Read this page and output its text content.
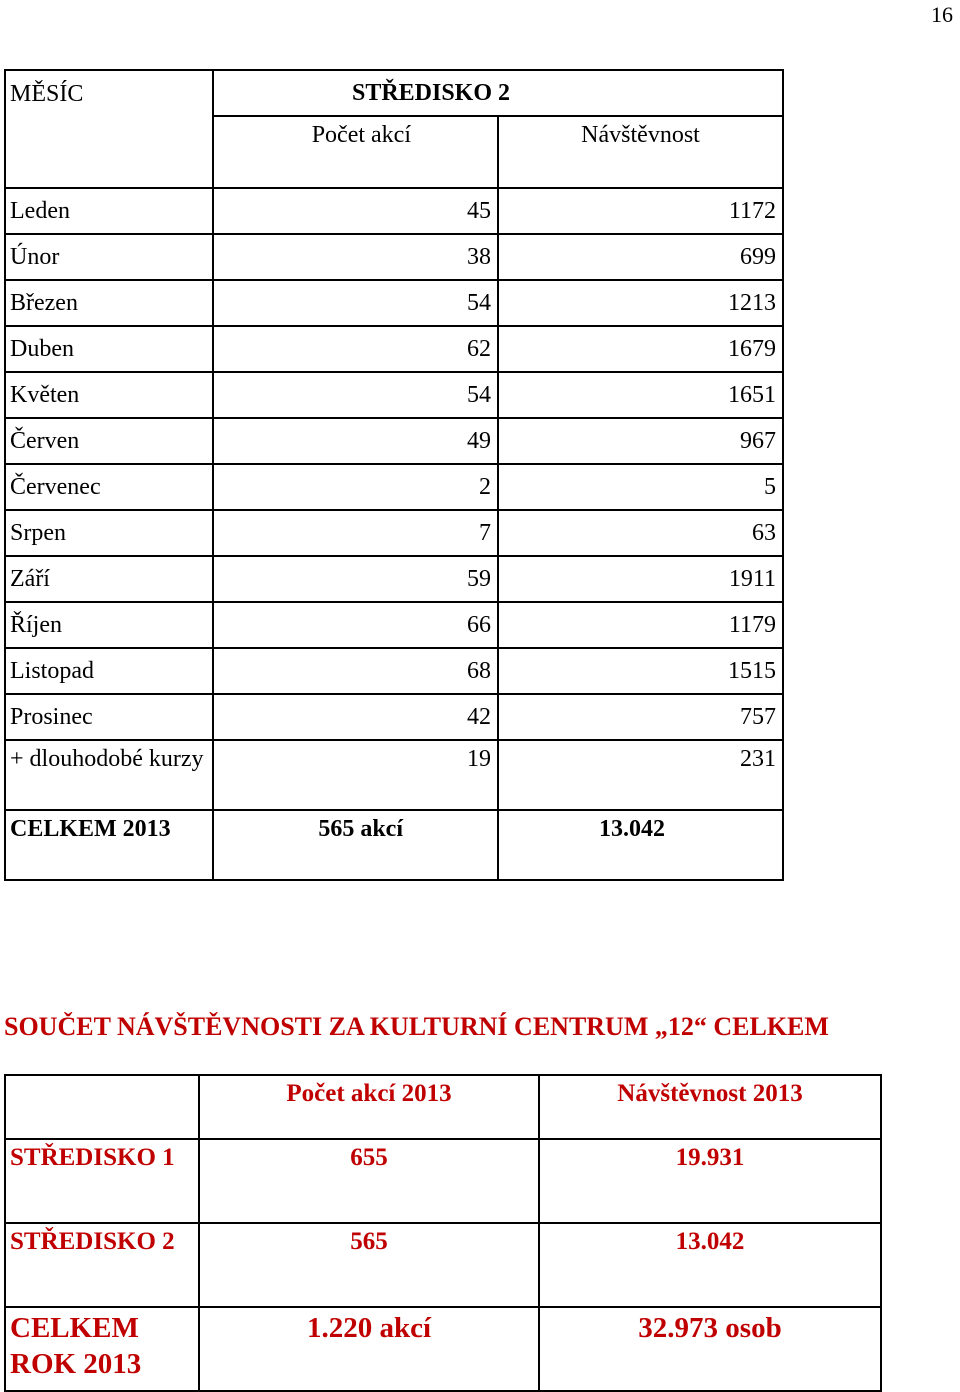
16
MĚSÍC	STŘEDISKO 2	
	Počet akcí	Návštěvnost
Leden	45	1172
Únor	38	699
Březen	54	1213
Duben	62	1679
Květen	54	1651
Červen	49	967
Červenec	2	5
Srpen	7	63
Září	59	1911
Říjen	66	1179
Listopad	68	1515
Prosinec	42	757
+ dlouhodobé kurzy	19	231
CELKEM 2013	565 akcí	13.042
SOUČET NÁVŠTĚVNOSTI ZA KULTURNÍ CENTRUM „12“ CELKEM
	Počet akcí 2013	Návštěvnost 2013
STŘEDISKO 1	655	19.931
STŘEDISKO 2	565	13.042
CELKEM ROK 2013	1.220 akcí	32.973 osob
